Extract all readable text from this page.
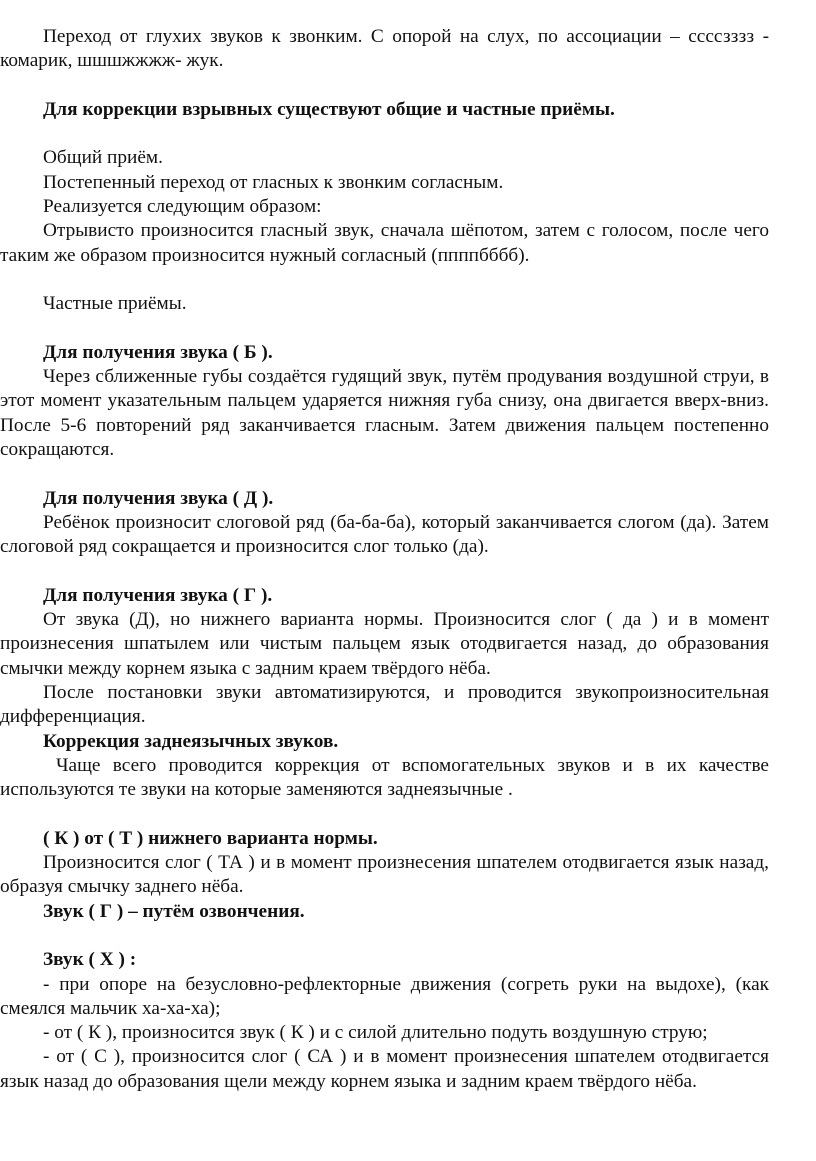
Переход от глухих звуков к звонким. С опорой на слух, по ассоциации – ссссзззз - комарик, шшшжжжж- жук.

Для коррекции взрывных существуют общие и частные приёмы.

Общий приём.

Постепенный переход от гласных к звонким согласным.

Реализуется следующим образом:

Отрывисто произносится гласный звук, сначала шёпотом, затем с голосом, после чего таким же образом произносится нужный согласный (ппппбббб).

Частные приёмы.

Для получения звука ( Б ).

Через сближенные губы создаётся гудящий звук, путём продувания воздушной струи, в этот момент указательным пальцем ударяется нижняя губа снизу, она двигается вверх-вниз. После 5-6 повторений ряд заканчивается гласным. Затем движения пальцем постепенно сокращаются.

Для получения звука ( Д ).

Ребёнок произносит слоговой ряд (ба-ба-ба), который заканчивается слогом (да). Затем слоговой ряд сокращается и произносится слог только (да).

Для получения звука ( Г ).

От звука (Д), но нижнего варианта нормы. Произносится слог ( да ) и в момент произнесения шпатылем или чистым пальцем язык отодвигается назад, до образования смычки между корнем языка с задним краем твёрдого нёба.

После постановки звуки автоматизируются, и проводится звукопроизносительная дифференциация.

Коррекция заднеязычных звуков.

Чаще всего проводится коррекция от вспомогательных звуков и в их качестве используются те звуки на которые заменяются заднеязычные .

( К ) от ( Т ) нижнего варианта нормы.

Произносится слог ( ТА ) и в момент произнесения шпателем отодвигается язык назад, образуя смычку заднего нёба.

Звук ( Г ) – путём озвончения.

Звук ( Х ) :

- при опоре на безусловно-рефлекторные движения (согреть руки на выдохе), (как смеялся мальчик ха-ха-ха);

- от ( К ), произносится звук ( К ) и с силой длительно подуть воздушную струю;

- от ( С ), произносится слог ( СА ) и в момент произнесения шпателем отодвигается язык назад до образования щели между корнем языка и задним краем твёрдого нёба.
